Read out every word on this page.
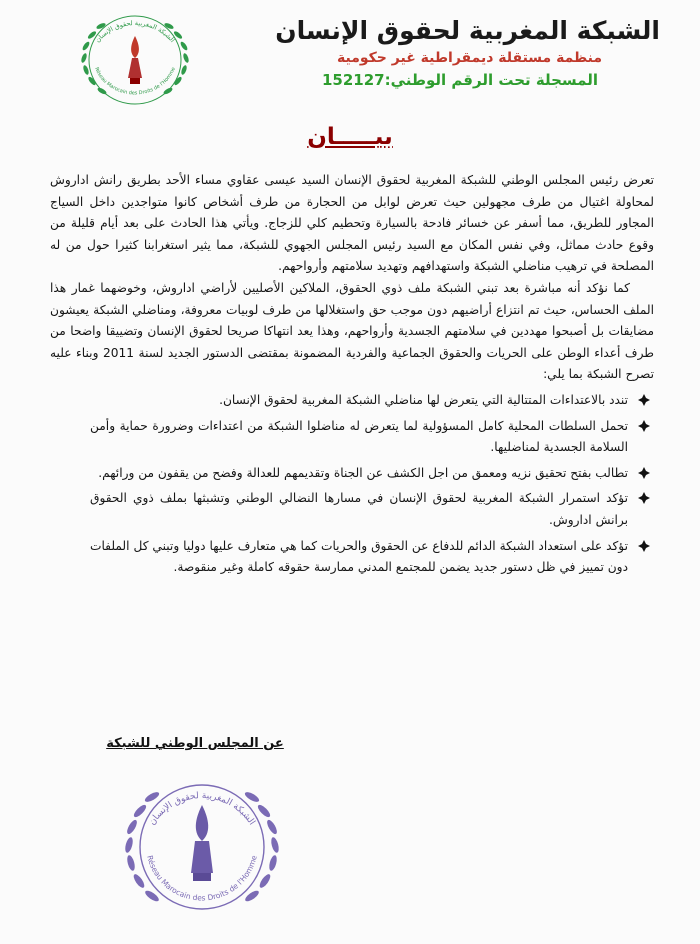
الشبكة المغربية لحقوق الإنسان
Réseau Marocain des Droits de l'Homme
الشبكة المغربية لحقوق الإنسان
منظمة مستقلة ديمقراطية غير حكومية
المسجلة تحت الرقم الوطني:152127
بيـــــان

تعرض رئيس المجلس الوطني للشبكة المغربية لحقوق الإنسان السيد عيسى عقاوي مساء الأحد بطريق رانش اداروش لمحاولة اغتيال من طرف مجهولين حيث تعرض لوابل من الحجارة من طرف أشخاص كانوا متواجدين داخل السياج المجاور للطريق، مما أسفر عن خسائر فادحة بالسيارة وتحطيم كلي للزجاج. ويأتي هذا الحادث على بعد أيام قليلة من وقوع حادث مماثل، وفي نفس المكان مع السيد رئيس المجلس الجهوي للشبكة، مما يثير استغرابنا كثيرا حول من له المصلحة في ترهيب مناضلي الشبكة واستهدافهم وتهديد سلامتهم وأرواحهم.

كما نؤكد أنه مباشرة بعد تبني الشبكة ملف ذوي الحقوق، الملاكين الأصليين لأراضي اداروش، وخوضهما غمار هذا الملف الحساس، حيث تم انتزاع أراضيهم دون موجب حق واستغلالها من طرف لوبيات معروفة، ومناضلي الشبكة يعيشون مضايقات بل أصبحوا مهددين في سلامتهم الجسدية وأرواحهم، وهذا يعد انتهاكا صريحا لحقوق الإنسان وتضييقا واضحا من طرف أعداء الوطن على الحريات والحقوق الجماعية والفردية المضمونة بمقتضى الدستور الجديد لسنة 2011 وبناء عليه تصرح الشبكة بما يلي:

تندد بالاعتداءات المتتالية التي يتعرض لها مناضلي الشبكة المغربية لحقوق الإنسان.
تحمل السلطات المحلية كامل المسؤولية لما يتعرض له مناضلوا الشبكة من اعتداءات وضرورة حماية وأمن السلامة الجسدية لمناضليها.
تطالب بفتح تحقيق نزيه ومعمق من اجل الكشف عن الجناة وتقديمهم للعدالة وفضح من يقفون من ورائهم.
تؤكد استمرار الشبكة المغربية لحقوق الإنسان في مسارها النضالي الوطني وتشبثها بملف ذوي الحقوق برانش اداروش.
تؤكد على استعداد الشبكة الدائم للدفاع عن الحقوق والحريات كما هي متعارف عليها دوليا وتبني كل الملفات دون تمييز في ظل دستور جديد يضمن للمجتمع المدني ممارسة حقوقه كاملة وغير منقوصة.
عن المجلس الوطني للشبكة
الشبكة المغربية لحقوق الإنسان
Réseau Marocain des Droits de l'Homme
